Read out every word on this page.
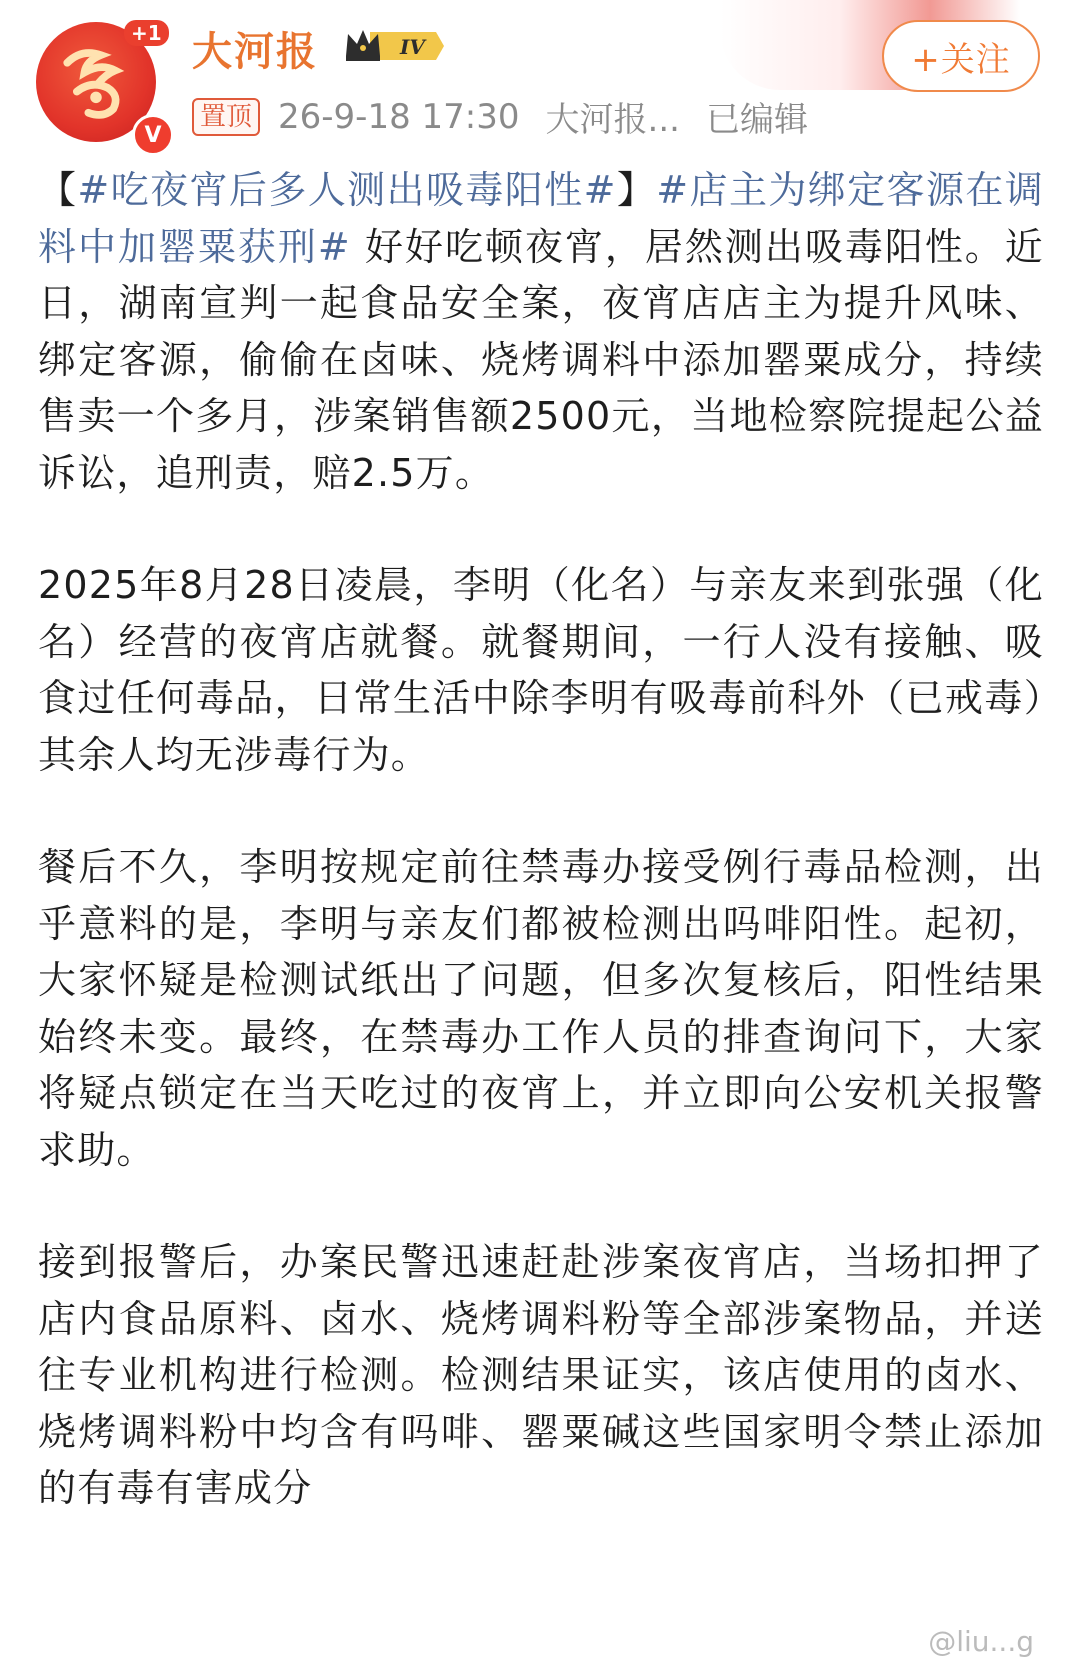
+1
V
大河报	IV
置顶 26-9-18 17:30 大河报... 已编辑
+关注

【#吃夜宵后多人测出吸毒阳性#】#店主为绑定客源在调料中加罂粟获刑# 好好吃顿夜宵，居然测出吸毒阳性。近日，湖南宣判一起食品安全案，夜宵店店主为提升风味、绑定客源，偷偷在卤味、烧烤调料中添加罂粟成分，持续售卖一个多月，涉案销售额2500元，当地检察院提起公益诉讼，追刑责，赔2.5万。

2025年8月28日凌晨，李明（化名）与亲友来到张强（化名）经营的夜宵店就餐。就餐期间，一行人没有接触、吸食过任何毒品，日常生活中除李明有吸毒前科外（已戒毒）其余人均无涉毒行为。

餐后不久，李明按规定前往禁毒办接受例行毒品检测，出乎意料的是，李明与亲友们都被检测出吗啡阳性。起初，大家怀疑是检测试纸出了问题，但多次复核后，阳性结果始终未变。最终，在禁毒办工作人员的排查询问下，大家将疑点锁定在当天吃过的夜宵上，并立即向公安机关报警求助。

接到报警后，办案民警迅速赶赴涉案夜宵店，当场扣押了店内食品原料、卤水、烧烤调料粉等全部涉案物品，并送往专业机构进行检测。检测结果证实，该店使用的卤水、烧烤调料粉中均含有吗啡、罂粟碱这些国家明令禁止添加的有毒有害成分

@liu...g
